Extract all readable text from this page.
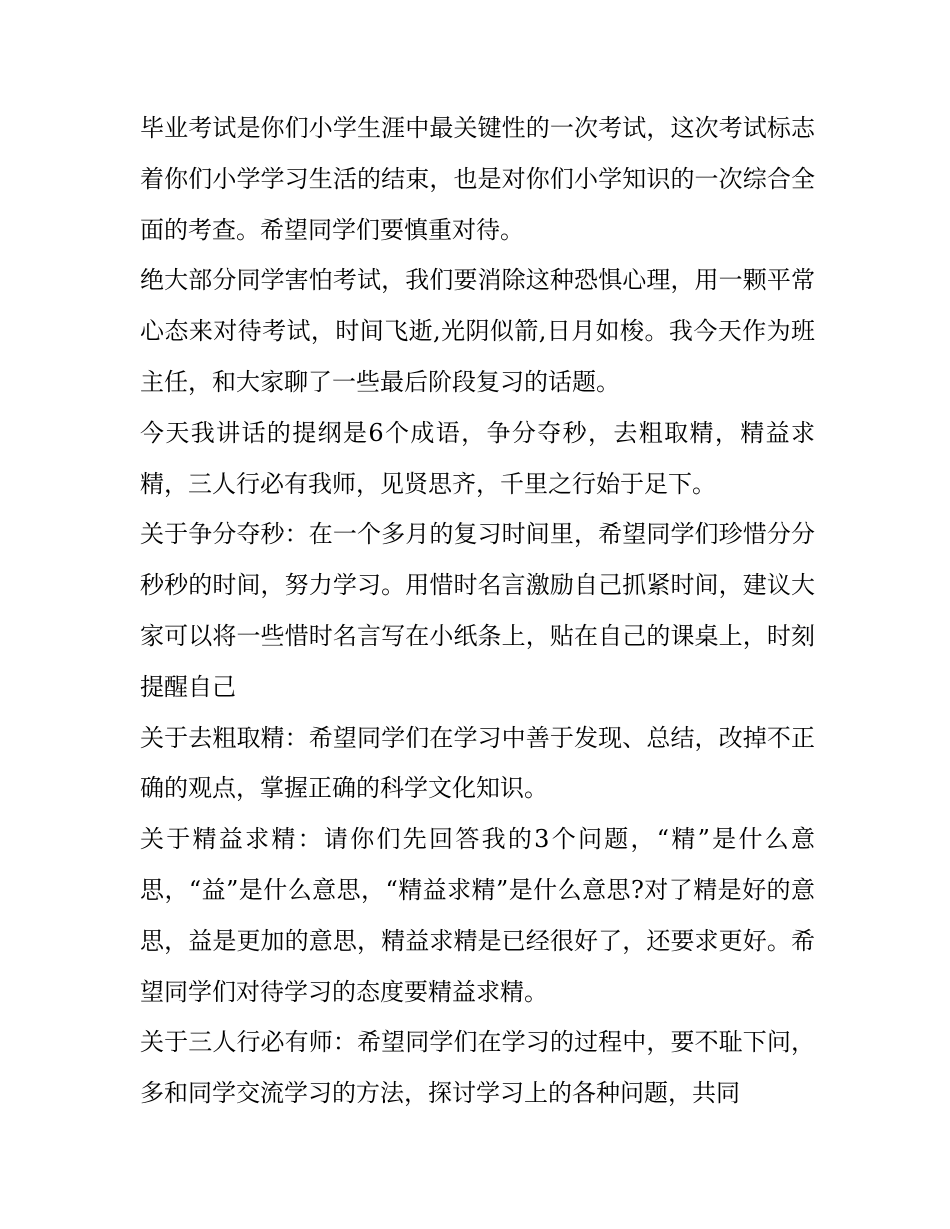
毕业考试是你们小学生涯中最关键性的一次考试，这次考试标志着你们小学学习生活的结束，也是对你们小学知识的一次综合全面的考查。希望同学们要慎重对待。

绝大部分同学害怕考试，我们要消除这种恐惧心理，用一颗平常心态来对待考试，时间飞逝,光阴似箭,日月如梭。我今天作为班主任，和大家聊了一些最后阶段复习的话题。

今天我讲话的提纲是6个成语，争分夺秒，去粗取精，精益求精，三人行必有我师，见贤思齐，千里之行始于足下。

关于争分夺秒：在一个多月的复习时间里，希望同学们珍惜分分秒秒的时间，努力学习。用惜时名言激励自己抓紧时间，建议大家可以将一些惜时名言写在小纸条上，贴在自己的课桌上，时刻提醒自己

关于去粗取精：希望同学们在学习中善于发现、总结，改掉不正确的观点，掌握正确的科学文化知识。

关于精益求精：请你们先回答我的3个问题，“精”是什么意思，“益”是什么意思，“精益求精”是什么意思?对了精是好的意思，益是更加的意思，精益求精是已经很好了，还要求更好。希望同学们对待学习的态度要精益求精。

关于三人行必有师：希望同学们在学习的过程中，要不耻下问，多和同学交流学习的方法，探讨学习上的各种问题，共同
